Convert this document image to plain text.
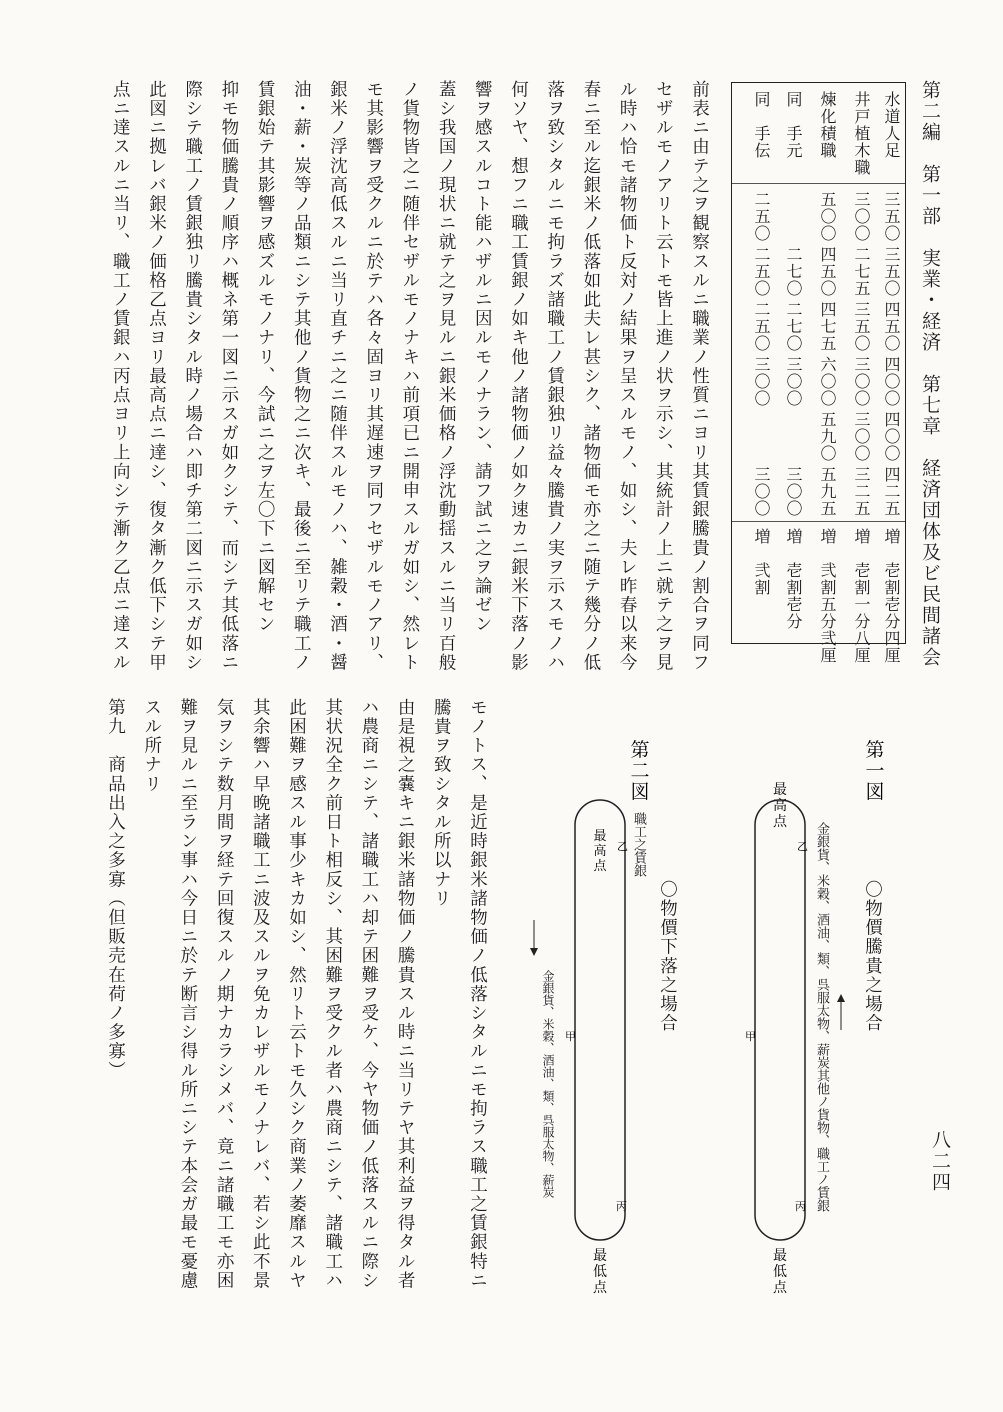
第二編　第一部　実業・経済　第七章　経済団体及ビ民間諸会
八二四
水道人足
三五〇
三五〇
四五〇
四〇〇
四〇〇
四二五
増　壱割壱分四厘
井戸植木職
三〇〇
二七五
三五〇
三〇〇
三〇〇
三二五
増　壱割一分八厘
煉化積職
五〇〇
四五〇
四七五
六〇〇
五九〇
五九五
増　弐割五分弐厘
同　手元
二七〇
二七〇
三〇〇
三〇〇
増　壱割壱分
同　手伝
二五〇
二五〇
二五〇
三〇〇
三〇〇
増　弐割
前表ニ由テ之ヲ観察スルニ職業ノ性質ニヨリ其賃銀騰貴ノ割合ヲ同フ
セザルモノアリト云トモ皆上進ノ状ヲ示シ、其統計ノ上ニ就テ之ヲ見
ル時ハ恰モ諸物価ト反対ノ結果ヲ呈スルモノ、如シ、夫レ昨春以来今
春ニ至ル迄銀米ノ低落如此夫レ甚シク、諸物価モ亦之ニ随テ幾分ノ低
落ヲ致シタルニモ拘ラズ諸職工ノ賃銀独リ益々騰貴ノ実ヲ示スモノハ
何ソヤ、想フニ職工賃銀ノ如キ他ノ諸物価ノ如ク速カニ銀米下落ノ影
響ヲ感スルコト能ハザルニ因ルモノナラン、請フ試ニ之ヲ論ゼン
蓋シ我国ノ現状ニ就テ之ヲ見ルニ銀米価格ノ浮沈動揺スルニ当リ百般
ノ貨物皆之ニ随伴セザルモノナキハ前項已ニ開申スルガ如シ、然レト
モ其影響ヲ受クルニ於テハ各々固ヨリ其遅速ヲ同フセザルモノアリ、
銀米ノ浮沈高低スルニ当リ直チニ之ニ随伴スルモノハ、雑穀・酒・醤
油・薪・炭等ノ品類ニシテ其他ノ貨物之ニ次キ、最後ニ至リテ職工ノ
賃銀始テ其影響ヲ感ズルモノナリ、今試ニ之ヲ左〇下ニ図解セン
抑モ物価騰貴ノ順序ハ概ネ第一図ニ示スガ如クシテ、而シテ其低落ニ
際シテ職工ノ賃銀独リ騰貴シタル時ノ場合ハ即チ第二図ニ示スガ如シ
此図ニ拠レバ銀米ノ価格乙点ヨリ最高点ニ達シ、復タ漸ク低下シテ甲
点ニ達スルニ当リ、職工ノ賃銀ハ丙点ヨリ上向シテ漸ク乙点ニ達スル
モノトス、是近時銀米諸物価ノ低落シタルニモ拘ラス職工之賃銀特ニ
騰貴ヲ致シタル所以ナリ
由是視之嚢キニ銀米諸物価ノ騰貴スル時ニ当リテヤ其利益ヲ得タル者
ハ農商ニシテ、諸職工ハ却テ困難ヲ受ケ、今ヤ物価ノ低落スルニ際シ
其状況全ク前日ト相反シ、其困難ヲ受クル者ハ農商ニシテ、諸職工ハ
此困難ヲ感スル事少キカ如シ、然リト云トモ久シク商業ノ萎靡スルヤ
其余響ハ早晩諸職工ニ波及スルヲ免カレザルモノナレバ、若シ此不景
気ヲシテ数月間ヲ経テ回復スルノ期ナカラシメバ、竟ニ諸職工モ亦困
難ヲ見ルニ至ラン事ハ今日ニ於テ断言シ得ル所ニシテ本会ガ最モ憂慮
スル所ナリ
第九　商品出入之多寡（但販売在荷ノ多寡）	第一図
最高点
最低点
甲
乙
丙 金銀貨、米穀、酒油、類、呉服太物、薪炭其他ノ貨物、職工ノ賃銀 〇物價騰貴之場合
第二図
最高点
最低点
甲
乙
丙
職工之賃銀
金銀貨、米穀、酒油、類、呉服太物、薪炭
〇物價下落之場合
